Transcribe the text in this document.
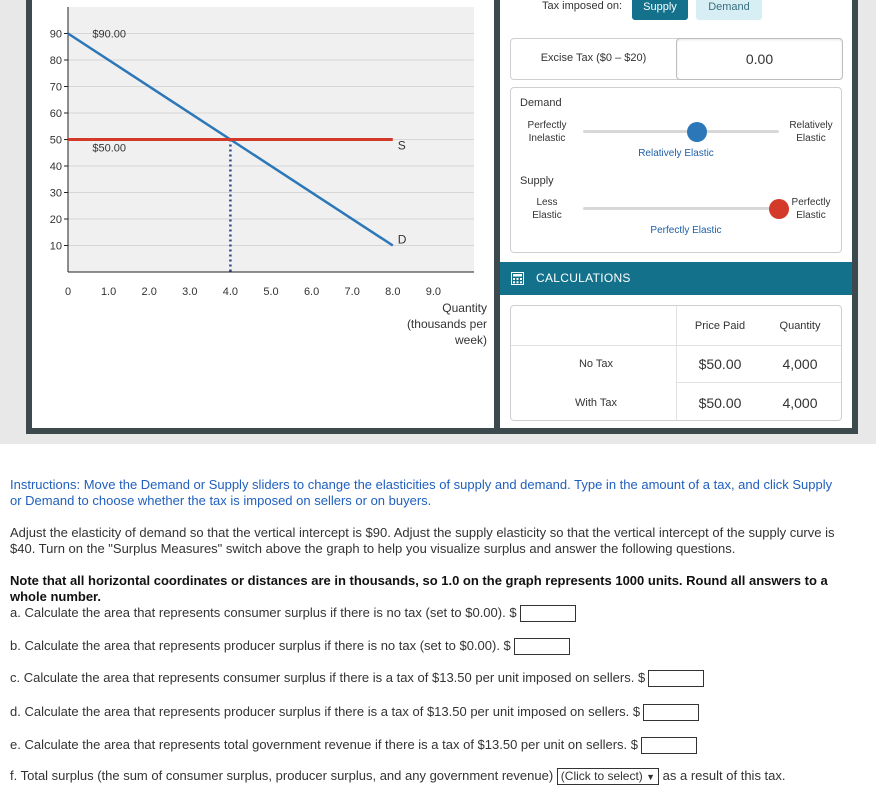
10
20
30
40
50
60
70
80
90
0	1.0 2.0 3.0 4.0 5.0 6.0 7.0 8.0 9.0
D
S
$90.00
$50.00
Quantity
(thousands per week)
Tax imposed on:	Supply	Demand
Excise Tax ($0 – $20)	0.00
Demand
Perfectly
Inelastic
Relatively
Elastic
Relatively Elastic
Supply
Less
Elastic
Perfectly
Elastic
Perfectly Elastic
CALCULATIONS
Price Paid	Quantity
No Tax	$50.00	4,000
With Tax	$50.00	4,000
Instructions: Move the Demand or Supply sliders to change the elasticities of supply and demand. Type in the amount of a tax, and click Supply or Demand to choose whether the tax is imposed on sellers or on buyers.
Adjust the elasticity of demand so that the vertical intercept is $90. Adjust the supply elasticity so that the vertical intercept of the supply curve is $40. Turn on the "Surplus Measures" switch above the graph to help you visualize surplus and answer the following questions.
Note that all horizontal coordinates or distances are in thousands, so 1.0 on the graph represents 1000 units. Round all answers to a whole number.
a. Calculate the area that represents consumer surplus if there is no tax (set to $0.00). $
b. Calculate the area that represents producer surplus if there is no tax (set to $0.00). $
c. Calculate the area that represents consumer surplus if there is a tax of $13.50 per unit imposed on sellers. $
d. Calculate the area that represents producer surplus if there is a tax of $13.50 per unit imposed on sellers. $
e. Calculate the area that represents total government revenue if there is a tax of $13.50 per unit on sellers. $
f. Total surplus (the sum of consumer surplus, producer surplus, and any government revenue) (Click to select) ▼ as a result of this tax.
